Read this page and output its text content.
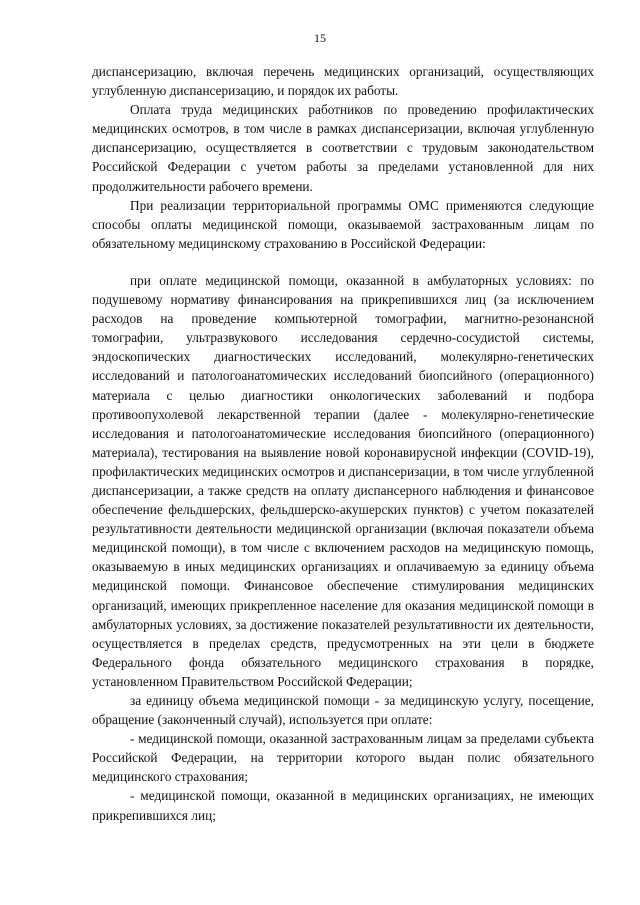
15

диспансеризацию, включая перечень медицинских организаций, осуществляющих углубленную диспансеризацию, и порядок их работы.

Оплата труда медицинских работников по проведению профилактических медицинских осмотров, в том числе в рамках диспансеризации, включая углубленную диспансеризацию, осуществляется в соответствии с трудовым законодательством Российской Федерации с учетом работы за пределами установленной для них продолжительности рабочего времени.

При реализации территориальной программы ОМС применяются следующие способы оплаты медицинской помощи, оказываемой застрахованным лицам по обязательному медицинскому страхованию в Российской Федерации:

при оплате медицинской помощи, оказанной в амбулаторных условиях: по подушевому нормативу финансирования на прикрепившихся лиц (за исключением расходов на проведение компьютерной томографии, магнитно-резонансной томографии, ультразвукового исследования сердечно-сосудистой системы, эндоскопических диагностических исследований, молекулярно-генетических исследований и патологоанатомических исследований биопсийного (операционного) материала с целью диагностики онкологических заболеваний и подбора противоопухолевой лекарственной терапии (далее - молекулярно-генетические исследования и патологоанатомические исследования биопсийного (операционного) материала), тестирования на выявление новой коронавирусной инфекции (COVID-19), профилактических медицинских осмотров и диспансеризации, в том числе углубленной диспансеризации, а также средств на оплату диспансерного наблюдения и финансовое обеспечение фельдшерских, фельдшерско-акушерских пунктов) с учетом показателей результативности деятельности медицинской организации (включая показатели объема медицинской помощи), в том числе с включением расходов на медицинскую помощь, оказываемую в иных медицинских организациях и оплачиваемую за единицу объема медицинской помощи. Финансовое обеспечение стимулирования медицинских организаций, имеющих прикрепленное население для оказания медицинской помощи в амбулаторных условиях, за достижение показателей результативности их деятельности, осуществляется в пределах средств, предусмотренных на эти цели в бюджете Федерального фонда обязательного медицинского страхования в порядке, установленном Правительством Российской Федерации;

за единицу объема медицинской помощи - за медицинскую услугу, посещение, обращение (законченный случай), используется при оплате:

- медицинской помощи, оказанной застрахованным лицам за пределами субъекта Российской Федерации, на территории которого выдан полис обязательного медицинского страхования;

- медицинской помощи, оказанной в медицинских организациях, не имеющих прикрепившихся лиц;
